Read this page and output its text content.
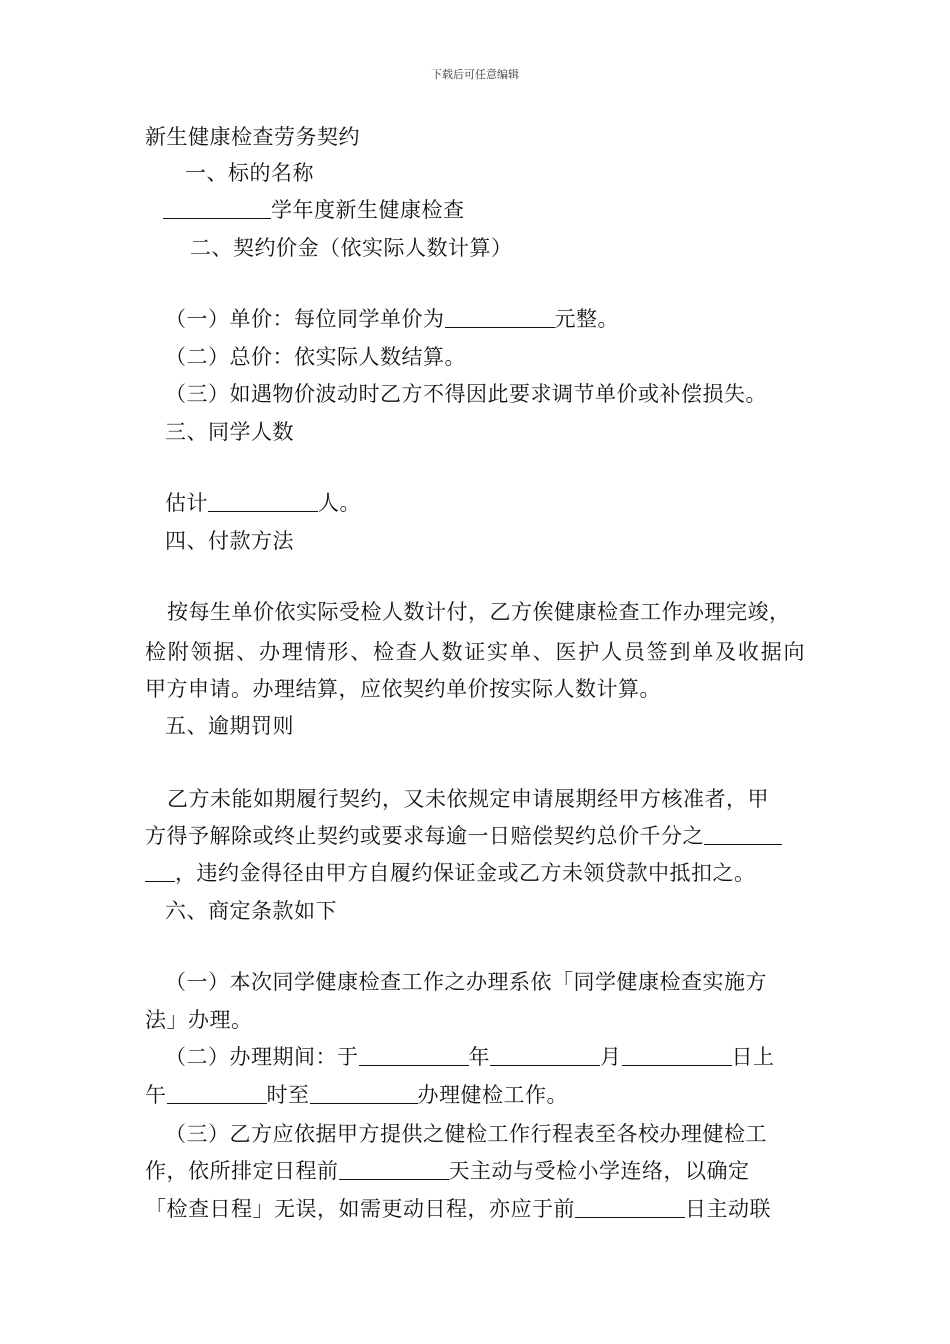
下载后可任意编辑
新生健康检查劳务契约
一、标的名称
学年度新生健康检查
二、契约价金（依实际人数计算）
（一）单价：每位同学单价为	元整。
（二）总价：依实际人数结算。
（三）如遇物价波动时乙方不得因此要求调节单价或补偿损失。
三、同学人数
估计	人。
四、付款方法
按每生单价依实际受检人数计付，乙方俟健康检查工作办理完竣，
检附领据、办理情形、检查人数证实单、医护人员签到单及收据向
甲方申请。办理结算，应依契约单价按实际人数计算。
五、逾期罚则
乙方未能如期履行契约，又未依规定申请展期经甲方核准者，甲
方得予解除或终止契约或要求每逾一日赔偿契约总价千分之
，违约金得径由甲方自履约保证金或乙方未领贷款中抵扣之。
六、商定条款如下
（一）本次同学健康检查工作之办理系依「同学健康检查实施方
法」办理。
（二）办理期间：于	年	月	日上
午	时至	办理健检工作。
（三）乙方应依据甲方提供之健检工作行程表至各校办理健检工
作，依所排定日程前	天主动与受检小学连络，以确定
「检查日程」无误，如需更动日程，亦应于前	日主动联
